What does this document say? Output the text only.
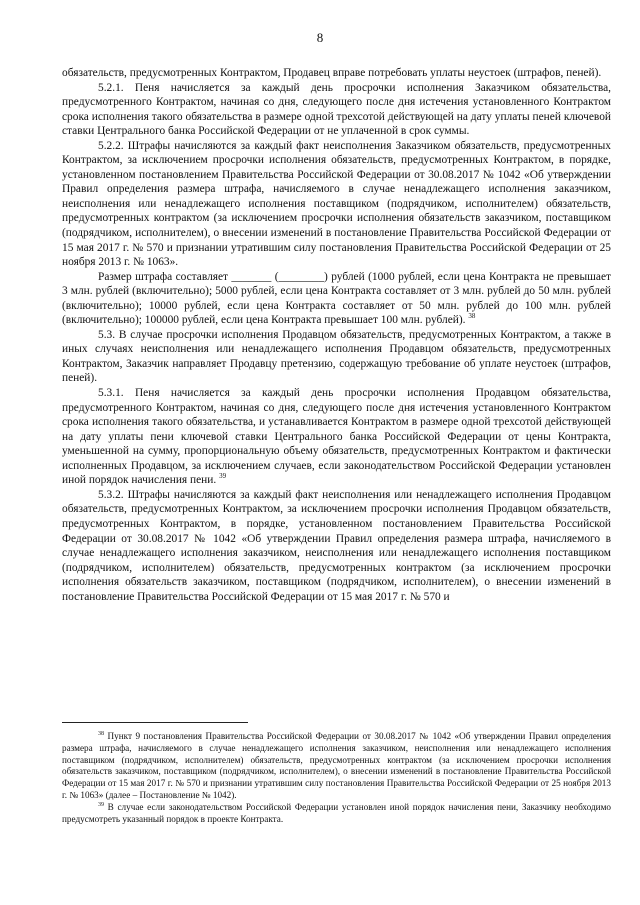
8

обязательств, предусмотренных Контрактом, Продавец вправе потребовать уплаты неустоек (штрафов, пеней).

5.2.1. Пеня начисляется за каждый день просрочки исполнения Заказчиком обязательства, предусмотренного Контрактом, начиная со дня, следующего после дня истечения установленного Контрактом срока исполнения такого обязательства в размере одной трехсотой действующей на дату уплаты пеней ключевой ставки Центрального банка Российской Федерации от не уплаченной в срок суммы.

5.2.2. Штрафы начисляются за каждый факт неисполнения Заказчиком обязательств, предусмотренных Контрактом, за исключением просрочки исполнения обязательств, предусмотренных Контрактом, в порядке, установленном постановлением Правительства Российской Федерации от 30.08.2017 № 1042 «Об утверждении Правил определения размера штрафа, начисляемого в случае ненадлежащего исполнения заказчиком, неисполнения или ненадлежащего исполнения поставщиком (подрядчиком, исполнителем) обязательств, предусмотренных контрактом (за исключением просрочки исполнения обязательств заказчиком, поставщиком (подрядчиком, исполнителем), о внесении изменений в постановление Правительства Российской Федерации от 15 мая 2017 г. № 570 и признании утратившим силу постановления Правительства Российской Федерации от 25 ноября 2013 г. № 1063».

Размер штрафа составляет _______ (________) рублей (1000 рублей, если цена Контракта не превышает 3 млн. рублей (включительно); 5000 рублей, если цена Контракта составляет от 3 млн. рублей до 50 млн. рублей (включительно); 10000 рублей, если цена Контракта составляет от 50 млн. рублей до 100 млн. рублей (включительно); 100000 рублей, если цена Контракта превышает 100 млн. рублей). $^{38}$

5.3. В случае просрочки исполнения Продавцом обязательств, предусмотренных Контрактом, а также в иных случаях неисполнения или ненадлежащего исполнения Продавцом обязательств, предусмотренных Контрактом, Заказчик направляет Продавцу претензию, содержащую требование об уплате неустоек (штрафов, пеней).

5.3.1. Пеня начисляется за каждый день просрочки исполнения Продавцом обязательства, предусмотренного Контрактом, начиная со дня, следующего после дня истечения установленного Контрактом срока исполнения такого обязательства, и устанавливается Контрактом в размере одной трехсотой действующей на дату уплаты пени ключевой ставки Центрального банка Российской Федерации от цены Контракта, уменьшенной на сумму, пропорциональную объему обязательств, предусмотренных Контрактом и фактически исполненных Продавцом, за исключением случаев, если законодательством Российской Федерации установлен иной порядок начисления пени. $^{39}$

5.3.2. Штрафы начисляются за каждый факт неисполнения или ненадлежащего исполнения Продавцом обязательств, предусмотренных Контрактом, за исключением просрочки исполнения Продавцом обязательств, предусмотренных Контрактом, в порядке, установленном постановлением Правительства Российской Федерации от 30.08.2017 № 1042 «Об утверждении Правил определения размера штрафа, начисляемого в случае ненадлежащего исполнения заказчиком, неисполнения или ненадлежащего исполнения поставщиком (подрядчиком, исполнителем) обязательств, предусмотренных контрактом (за исключением просрочки исполнения обязательств заказчиком, поставщиком (подрядчиком, исполнителем), о внесении изменений в постановление Правительства Российской Федерации от 15 мая 2017 г. № 570 и

$^{38}$ Пункт 9 постановления Правительства Российской Федерации от 30.08.2017 № 1042 «Об утверждении Правил определения размера штрафа, начисляемого в случае ненадлежащего исполнения заказчиком, неисполнения или ненадлежащего исполнения поставщиком (подрядчиком, исполнителем) обязательств, предусмотренных контрактом (за исключением просрочки исполнения обязательств заказчиком, поставщиком (подрядчиком, исполнителем), о внесении изменений в постановление Правительства Российской Федерации от 15 мая 2017 г. № 570 и признании утратившим силу постановления Правительства Российской Федерации от 25 ноября 2013 г. № 1063» (далее – Постановление № 1042).

$^{39}$ В случае если законодательством Российской Федерации установлен иной порядок начисления пени, Заказчику необходимо предусмотреть указанный порядок в проекте Контракта.
